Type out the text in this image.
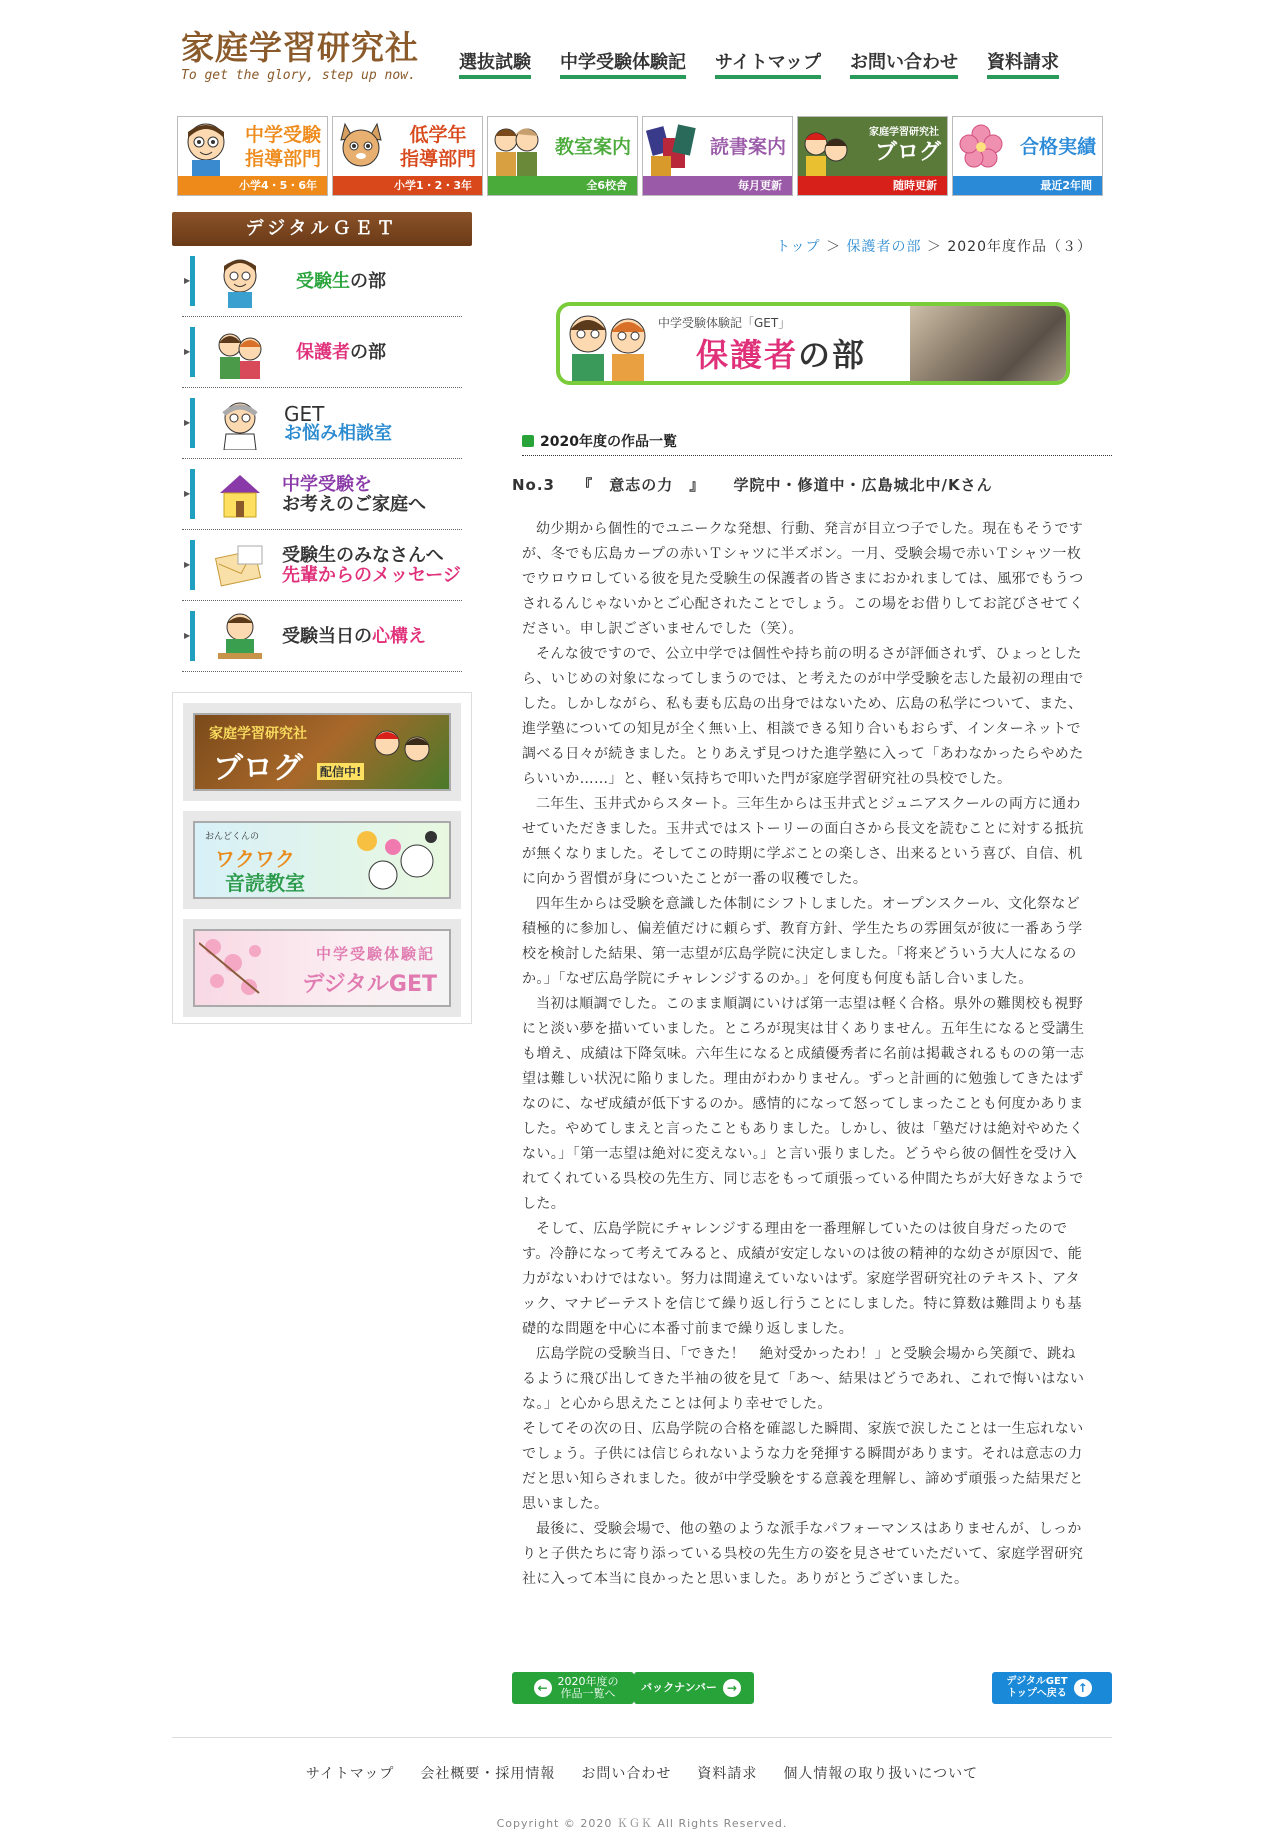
家庭学習研究社
To get the glory, step up now.
選抜試験 中学受験体験記 サイトマップ お問い合わせ 資料請求
中学受験
指導部門
小学4・5・6年
低学年
指導部門
小学1・2・3年
教室案内
全6校舎
読書案内
毎月更新
家庭学習研究社
ブログ
随時更新
合格実績
最近2年間
デジタルＧＥＴ
▶	受験生 の部
▶	保護者 の部
▶	GET
お悩み相談室
▶	中学受験を
お考えのご家庭へ
▶	受験生のみなさんへ
先輩からのメッセージ
▶	受験当日の 心構え
家庭学習研究社
ブログ 配信中!
おんどくんの
ワクワク
音読教室
中学受験体験記
デジタルGET
トップ ＞ 保護者の部 ＞ 2020年度作品（３）
中学受験体験記「GET」
保護者の部
2020年度の作品一覧
No.3 『　意志の力　』 学院中・修道中・広島城北中/Kさん

幼少期から個性的でユニークな発想、行動、発言が目立つ子でした。現在もそうですが、冬でも広島カープの赤いＴシャツに半ズボン。一月、受験会場で赤いＴシャツ一枚でウロウロしている彼を見た受験生の保護者の皆さまにおかれましては、風邪でもうつされるんじゃないかとご心配されたことでしょう。この場をお借りしてお詫びさせてください。申し訳ございませんでした（笑）。

そんな彼ですので、公立中学では個性や持ち前の明るさが評価されず、ひょっとしたら、いじめの対象になってしまうのでは、と考えたのが中学受験を志した最初の理由でした。しかしながら、私も妻も広島の出身ではないため、広島の私学について、また、進学塾についての知見が全く無い上、相談できる知り合いもおらず、インターネットで調べる日々が続きました。とりあえず見つけた進学塾に入って「あわなかったらやめたらいいか……」と、軽い気持ちで叩いた門が家庭学習研究社の呉校でした。

二年生、玉井式からスタート。三年生からは玉井式とジュニアスクールの両方に通わせていただきました。玉井式ではストーリーの面白さから長文を読むことに対する抵抗が無くなりました。そしてこの時期に学ぶことの楽しさ、出来るという喜び、自信、机に向かう習慣が身についたことが一番の収穫でした。

四年生からは受験を意識した体制にシフトしました。オープンスクール、文化祭など積極的に参加し、偏差値だけに頼らず、教育方針、学生たちの雰囲気が彼に一番あう学校を検討した結果、第一志望が広島学院に決定しました。「将来どういう大人になるのか。」「なぜ広島学院にチャレンジするのか。」を何度も何度も話し合いました。

当初は順調でした。このまま順調にいけば第一志望は軽く合格。県外の難関校も視野にと淡い夢を描いていました。ところが現実は甘くありません。五年生になると受講生も増え、成績は下降気味。六年生になると成績優秀者に名前は掲載されるものの第一志望は難しい状況に陥りました。理由がわかりません。ずっと計画的に勉強してきたはずなのに、なぜ成績が低下するのか。感情的になって怒ってしまったことも何度かありました。やめてしまえと言ったこともありました。しかし、彼は「塾だけは絶対やめたくない。」「第一志望は絶対に変えない。」と言い張りました。どうやら彼の個性を受け入れてくれている呉校の先生方、同じ志をもって頑張っている仲間たちが大好きなようでした。

そして、広島学院にチャレンジする理由を一番理解していたのは彼自身だったのです。冷静になって考えてみると、成績が安定しないのは彼の精神的な幼さが原因で、能力がないわけではない。努力は間違えていないはず。家庭学習研究社のテキスト、アタック、マナビーテストを信じて繰り返し行うことにしました。特に算数は難問よりも基礎的な問題を中心に本番寸前まで繰り返しました。

広島学院の受験当日、「できた！　絶対受かったわ！」と受験会場から笑顔で、跳ねるように飛び出してきた半袖の彼を見て「あ～、結果はどうであれ、これで悔いはないな。」と心から思えたことは何より幸せでした。

そしてその次の日、広島学院の合格を確認した瞬間、家族で涙したことは一生忘れないでしょう。子供には信じられないような力を発揮する瞬間があります。それは意志の力だと思い知らされました。彼が中学受験をする意義を理解し、諦めず頑張った結果だと思いました。

最後に、受験会場で、他の塾のような派手なパフォーマンスはありませんが、しっかりと子供たちに寄り添っている呉校の先生方の姿を見させていただいて、家庭学習研究社に入って本当に良かったと思いました。ありがとうございました。

← 2020年度の
作品一覧へ バックナンバー →	デジタルGET
トップへ戻る ↑
サイトマップ 会社概要・採用情報 お問い合わせ 資料請求 個人情報の取り扱いについて
Copyright © 2020 ＫＧＫ All Rights Reserved.
